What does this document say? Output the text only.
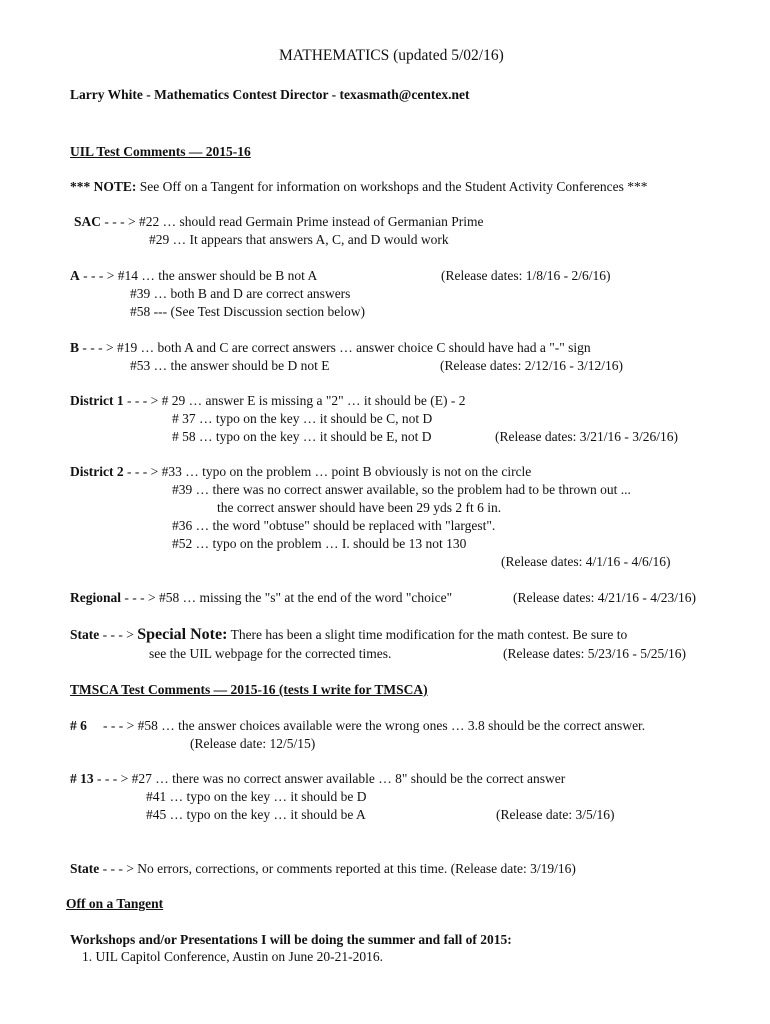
MATHEMATICS (updated 5/02/16)
Larry White - Mathematics Contest Director - texasmath@centex.net
UIL Test Comments — 2015-16
*** NOTE: See Off on a Tangent for information on workshops and the Student Activity Conferences ***
SAC - - - > #22 … should read Germain Prime instead of Germanian Prime
#29 … It appears that answers A, C, and D would work
A - - - > #14 … the answer should be B not A	(Release dates: 1/8/16 - 2/6/16)
#39 … both B and D are correct answers
#58 --- (See Test Discussion section below)
B - - - > #19 … both A and C are correct answers … answer choice C should have had a "-" sign
#53 … the answer should be D not E	(Release dates: 2/12/16 - 3/12/16)
District 1 - - - > # 29 … answer E is missing a "2" … it should be (E) - 2
# 37 … typo on the key … it should be C, not D
# 58 … typo on the key … it should be E, not D	(Release dates: 3/21/16 - 3/26/16)
District 2 - - - > #33 … typo on the problem … point B obviously is not on the circle
#39 … there was no correct answer available, so the problem had to be thrown out ...
the correct answer should have been 29 yds 2 ft 6 in.
#36 … the word "obtuse" should be replaced with "largest".
#52 … typo on the problem … I. should be 13 not 130
(Release dates: 4/1/16 - 4/6/16)
Regional - - - > #58 … missing the "s" at the end of the word "choice"	(Release dates: 4/21/16 - 4/23/16)
State - - - > Special Note: There has been a slight time modification for the math contest. Be sure to
see the UIL webpage for the corrected times.	(Release dates: 5/23/16 - 5/25/16)
TMSCA Test Comments — 2015-16 (tests I write for TMSCA)
# 6 - - - > #58 … the answer choices available were the wrong ones … 3.8 should be the correct answer.
(Release date: 12/5/15)
# 13 - - - > #27 … there was no correct answer available … 8" should be the correct answer
#41 … typo on the key … it should be D
#45 … typo on the key … it should be A	(Release date: 3/5/16)
State - - - > No errors, corrections, or comments reported at this time. (Release date: 3/19/16)
Off on a Tangent
Workshops and/or Presentations I will be doing the summer and fall of 2015:
1. UIL Capitol Conference, Austin on June 20-21-2016.
